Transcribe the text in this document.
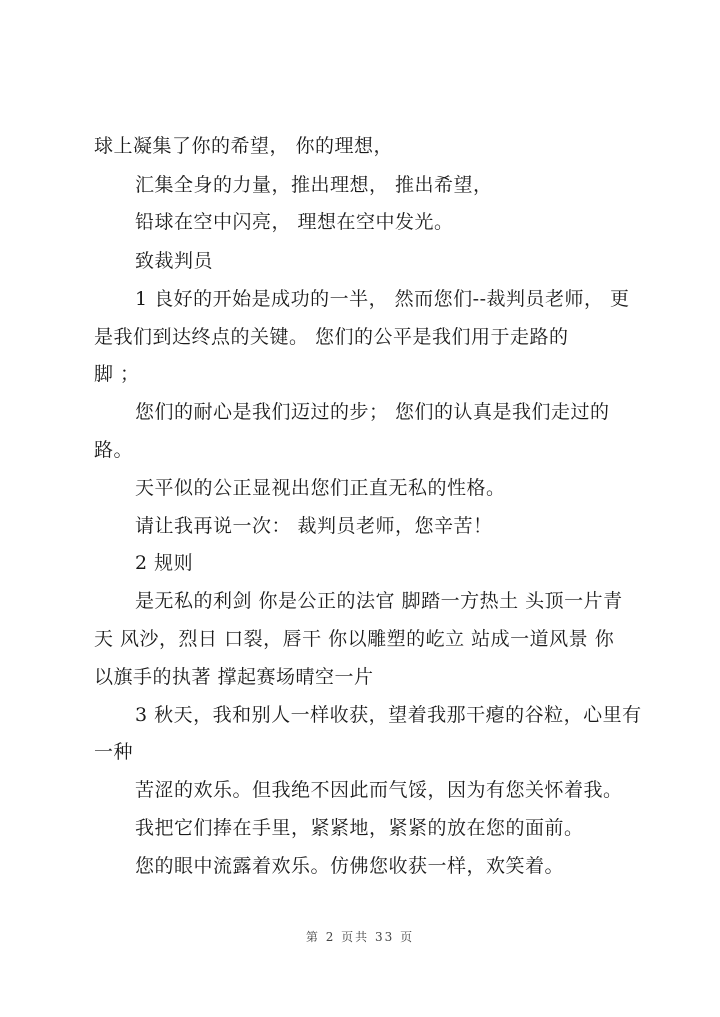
球上凝集了你的希望， 你的理想，
汇集全身的力量，推出理想， 推出希望，
铅球在空中闪亮， 理想在空中发光。
致裁判员
1 良好的开始是成功的一半， 然而您们--裁判员老师， 更
是我们到达终点的关键。 您们的公平是我们用于走路的
脚 ；
您们的耐心是我们迈过的步； 您们的认真是我们走过的
路。
天平似的公正显视出您们正直无私的性格。
请让我再说一次： 裁判员老师，您辛苦！
2 规则
是无私的利剑 你是公正的法官 脚踏一方热土 头顶一片青
天 风沙，烈日 口裂，唇干 你以雕塑的屹立 站成一道风景 你
以旗手的执著 撑起赛场晴空一片
3 秋天，我和别人一样收获，望着我那干瘪的谷粒，心里有
一种
苦涩的欢乐。但我绝不因此而气馁，因为有您关怀着我。
我把它们捧在手里，紧紧地，紧紧的放在您的面前。
您的眼中流露着欢乐。仿佛您收获一样，欢笑着。
第 2 页共 33 页
